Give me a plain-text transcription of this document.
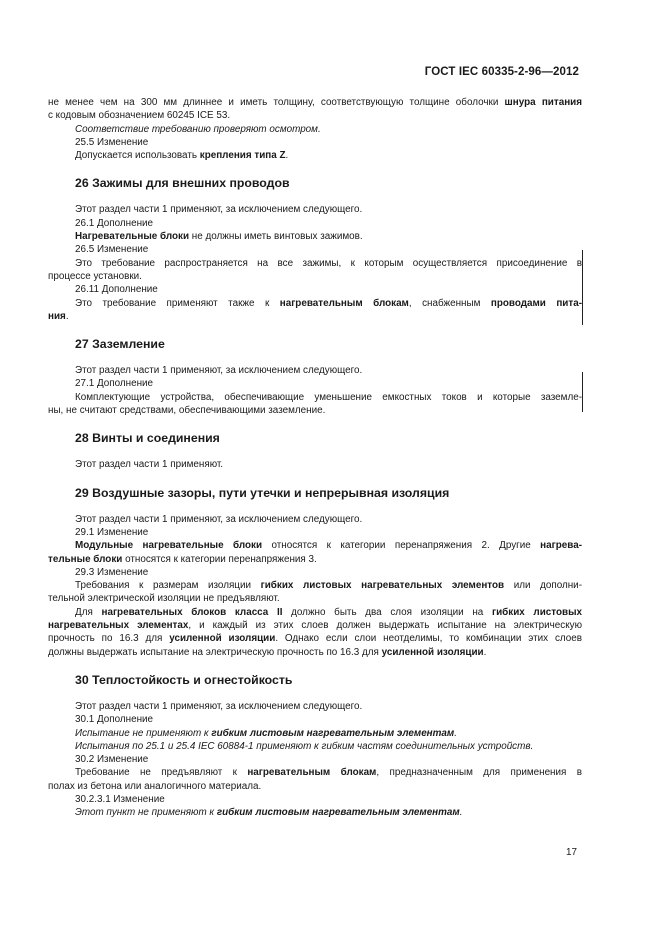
ГОСТ IEC 60335-2-96—2012
не менее чем на 300 мм длиннее и иметь толщину, соответствующую толщине оболочки шнура питания
с кодовым обозначением 60245 ICE 53.
Соответствие требованию проверяют осмотром.
25.5 Изменение
Допускается использовать крепления типа Z.
26 Зажимы для внешних проводов
Этот раздел части 1 применяют, за исключением следующего.
26.1 Дополнение
Нагревательные блоки не должны иметь винтовых зажимов.
26.5 Изменение
Это требование распространяется на все зажимы, к которым осуществляется присоединение в
процессе установки.
26.11 Дополнение
Это требование применяют также к нагревательным блокам, снабженным проводами пита-
ния.
27 Заземление
Этот раздел части 1 применяют, за исключением следующего.
27.1 Дополнение
Комплектующие устройства, обеспечивающие уменьшение емкостных токов и которые заземле-
ны, не считают средствами, обеспечивающими заземление.
28 Винты и соединения
Этот раздел части 1 применяют.
29 Воздушные зазоры, пути утечки и непрерывная изоляция
Этот раздел части 1 применяют, за исключением следующего.
29.1 Изменение
Модульные нагревательные блоки относятся к категории перенапряжения 2. Другие нагрева-
тельные блоки относятся к категории перенапряжения 3.
29.3 Изменение
Требования к размерам изоляции гибких листовых нагревательных элементов или дополни-
тельной электрической изоляции не предъявляют.
Для нагревательных блоков класса II должно быть два слоя изоляции на гибких листовых
нагревательных элементах, и каждый из этих слоев должен выдержать испытание на электрическую
прочность по 16.3 для усиленной изоляции. Однако если слои неотделимы, то комбинации этих слоев
должны выдержать испытание на электрическую прочность по 16.3 для усиленной изоляции.
30 Теплостойкость и огнестойкость
Этот раздел части 1 применяют, за исключением следующего.
30.1 Дополнение
Испытание не применяют к гибким листовым нагревательным элементам.
Испытания по 25.1 и 25.4 IEC 60884-1 применяют к гибким частям соединительных устройств.
30.2 Изменение
Требование не предъявляют к нагревательным блокам, предназначенным для применения в
полах из бетона или аналогичного материала.
30.2.3.1 Изменение
Этот пункт не применяют к гибким листовым нагревательным элементам.
17
